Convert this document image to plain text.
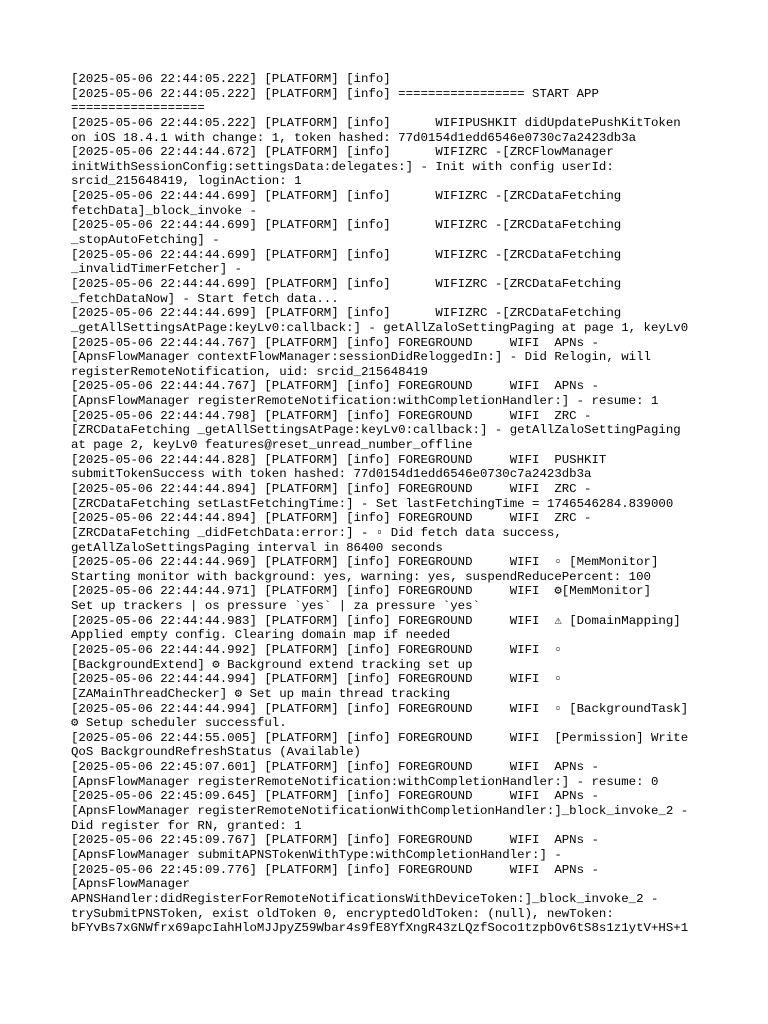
[2025-05-06 22:44:05.222] [PLATFORM] [info]
[2025-05-06 22:44:05.222] [PLATFORM] [info] ================= START APP
==================
[2025-05-06 22:44:05.222] [PLATFORM] [info]      WIFIPUSHKIT didUpdatePushKitToken
on iOS 18.4.1 with change: 1, token hashed: 77d0154d1edd6546e0730c7a2423db3a
[2025-05-06 22:44:44.672] [PLATFORM] [info]      WIFIZRC -[ZRCFlowManager
initWithSessionConfig:settingsData:delegates:] - Init with config userId:
srcid_215648419, loginAction: 1
[2025-05-06 22:44:44.699] [PLATFORM] [info]      WIFIZRC -[ZRCDataFetching
fetchData]_block_invoke -
[2025-05-06 22:44:44.699] [PLATFORM] [info]      WIFIZRC -[ZRCDataFetching
_stopAutoFetching] -
[2025-05-06 22:44:44.699] [PLATFORM] [info]      WIFIZRC -[ZRCDataFetching
_invalidTimerFetcher] -
[2025-05-06 22:44:44.699] [PLATFORM] [info]      WIFIZRC -[ZRCDataFetching
_fetchDataNow] - Start fetch data...
[2025-05-06 22:44:44.699] [PLATFORM] [info]      WIFIZRC -[ZRCDataFetching
_getAllSettingsAtPage:keyLv0:callback:] - getAllZaloSettingPaging at page 1, keyLv0
[2025-05-06 22:44:44.767] [PLATFORM] [info] FOREGROUND     WIFI  APNs -
[ApnsFlowManager contextFlowManager:sessionDidReloggedIn:] - Did Relogin, will
registerRemoteNotification, uid: srcid_215648419
[2025-05-06 22:44:44.767] [PLATFORM] [info] FOREGROUND     WIFI  APNs -
[ApnsFlowManager registerRemoteNotification:withCompletionHandler:] - resume: 1
[2025-05-06 22:44:44.798] [PLATFORM] [info] FOREGROUND     WIFI  ZRC -
[ZRCDataFetching _getAllSettingsAtPage:keyLv0:callback:] - getAllZaloSettingPaging
at page 2, keyLv0 features@reset_unread_number_offline
[2025-05-06 22:44:44.828] [PLATFORM] [info] FOREGROUND     WIFI  PUSHKIT
submitTokenSuccess with token hashed: 77d0154d1edd6546e0730c7a2423db3a
[2025-05-06 22:44:44.894] [PLATFORM] [info] FOREGROUND     WIFI  ZRC -
[ZRCDataFetching setLastFetchingTime:] - Set lastFetchingTime = 1746546284.839000
[2025-05-06 22:44:44.894] [PLATFORM] [info] FOREGROUND     WIFI  ZRC -
[ZRCDataFetching _didFetchData:error:] - ▫ Did fetch data success,
getAllZaloSettingsPaging interval in 86400 seconds
[2025-05-06 22:44:44.969] [PLATFORM] [info] FOREGROUND     WIFI  ▫ [MemMonitor]
Starting monitor with background: yes, warning: yes, suspendReducePercent: 100
[2025-05-06 22:44:44.971] [PLATFORM] [info] FOREGROUND     WIFI  ⚙[MemMonitor]
Set up trackers | os pressure `yes` | za pressure `yes`
[2025-05-06 22:44:44.983] [PLATFORM] [info] FOREGROUND     WIFI  ⚠ [DomainMapping]
Applied empty config. Clearing domain map if needed
[2025-05-06 22:44:44.992] [PLATFORM] [info] FOREGROUND     WIFI  ▫
[BackgroundExtend] ⚙ Background extend tracking set up
[2025-05-06 22:44:44.994] [PLATFORM] [info] FOREGROUND     WIFI  ▫
[ZAMainThreadChecker] ⚙ Set up main thread tracking
[2025-05-06 22:44:44.994] [PLATFORM] [info] FOREGROUND     WIFI  ▫ [BackgroundTask]
⚙ Setup scheduler successful.
[2025-05-06 22:44:55.005] [PLATFORM] [info] FOREGROUND     WIFI  [Permission] Write
QoS BackgroundRefreshStatus (Available)
[2025-05-06 22:45:07.601] [PLATFORM] [info] FOREGROUND     WIFI  APNs -
[ApnsFlowManager registerRemoteNotification:withCompletionHandler:] - resume: 0
[2025-05-06 22:45:09.645] [PLATFORM] [info] FOREGROUND     WIFI  APNs -
[ApnsFlowManager registerRemoteNotificationWithCompletionHandler:]_block_invoke_2 -
Did register for RN, granted: 1
[2025-05-06 22:45:09.767] [PLATFORM] [info] FOREGROUND     WIFI  APNs -
[ApnsFlowManager submitAPNSTokenWithType:withCompletionHandler:] -
[2025-05-06 22:45:09.776] [PLATFORM] [info] FOREGROUND     WIFI  APNs -
[ApnsFlowManager
APNSHandler:didRegisterForRemoteNotificationsWithDeviceToken:]_block_invoke_2 -
trySubmitPNSToken, exist oldToken 0, encryptedOldToken: (null), newToken:
bFYvBs7xGNWfrx69apcIahHloMJJpyZ59Wbar4s9fE8YfXngR43zLQzfSoco1tzpbOv6tS8s1z1ytV+HS+1
